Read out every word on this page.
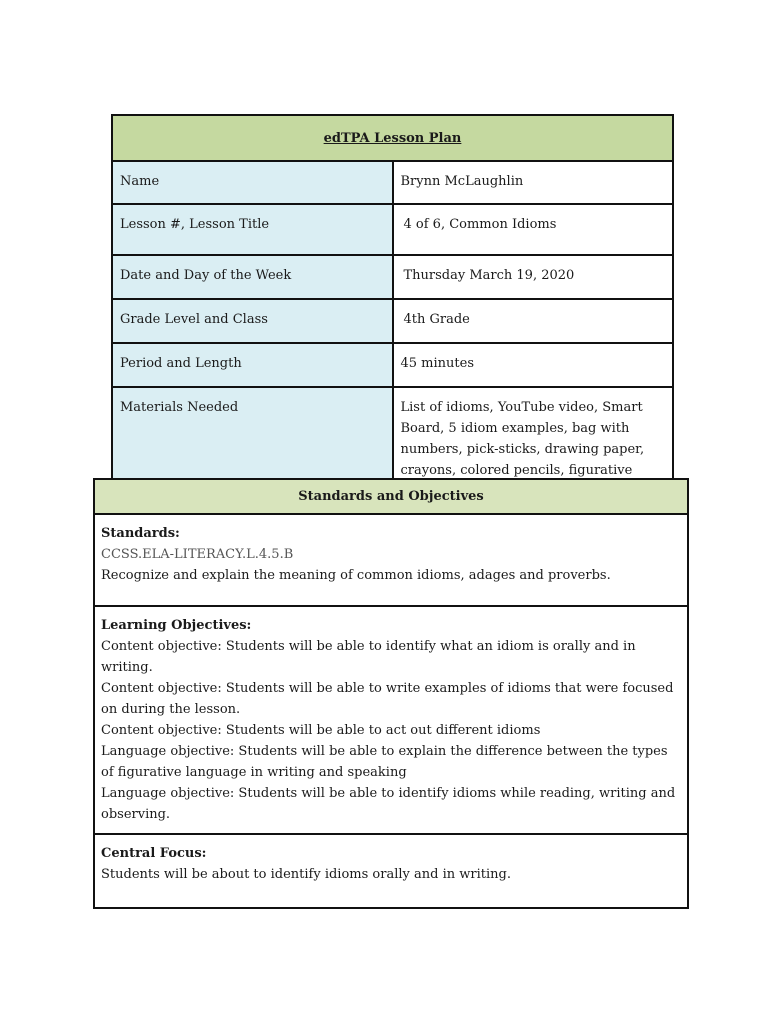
edTPA Lesson Plan	
Name	Brynn McLaughlin
Lesson #, Lesson Title	4 of 6, Common Idioms
Date and Day of the Week	Thursday March 19, 2020
Grade Level and Class	4th Grade
Period and Length	45 minutes
Materials Needed	List of idioms, YouTube video, Smart Board, 5 idiom examples, bag with numbers, pick-sticks, drawing paper, crayons, colored pencils, figurative
Standards and Objectives

Standards:
CCSS.ELA-LITERACY.L.4.5.B
Recognize and explain the meaning of common idioms, adages and proverbs.

Learning Objectives:
Content objective: Students will be able to identify what an idiom is orally and in writing.
Content objective: Students will be able to write examples of idioms that were focused on during the lesson.
Content objective: Students will be able to act out different idioms
Language objective: Students will be able to explain the difference between the types of figurative language in writing and speaking
Language objective: Students will be able to identify idioms while reading, writing and observing.

Central Focus:
Students will be about to identify idioms orally and in writing.
